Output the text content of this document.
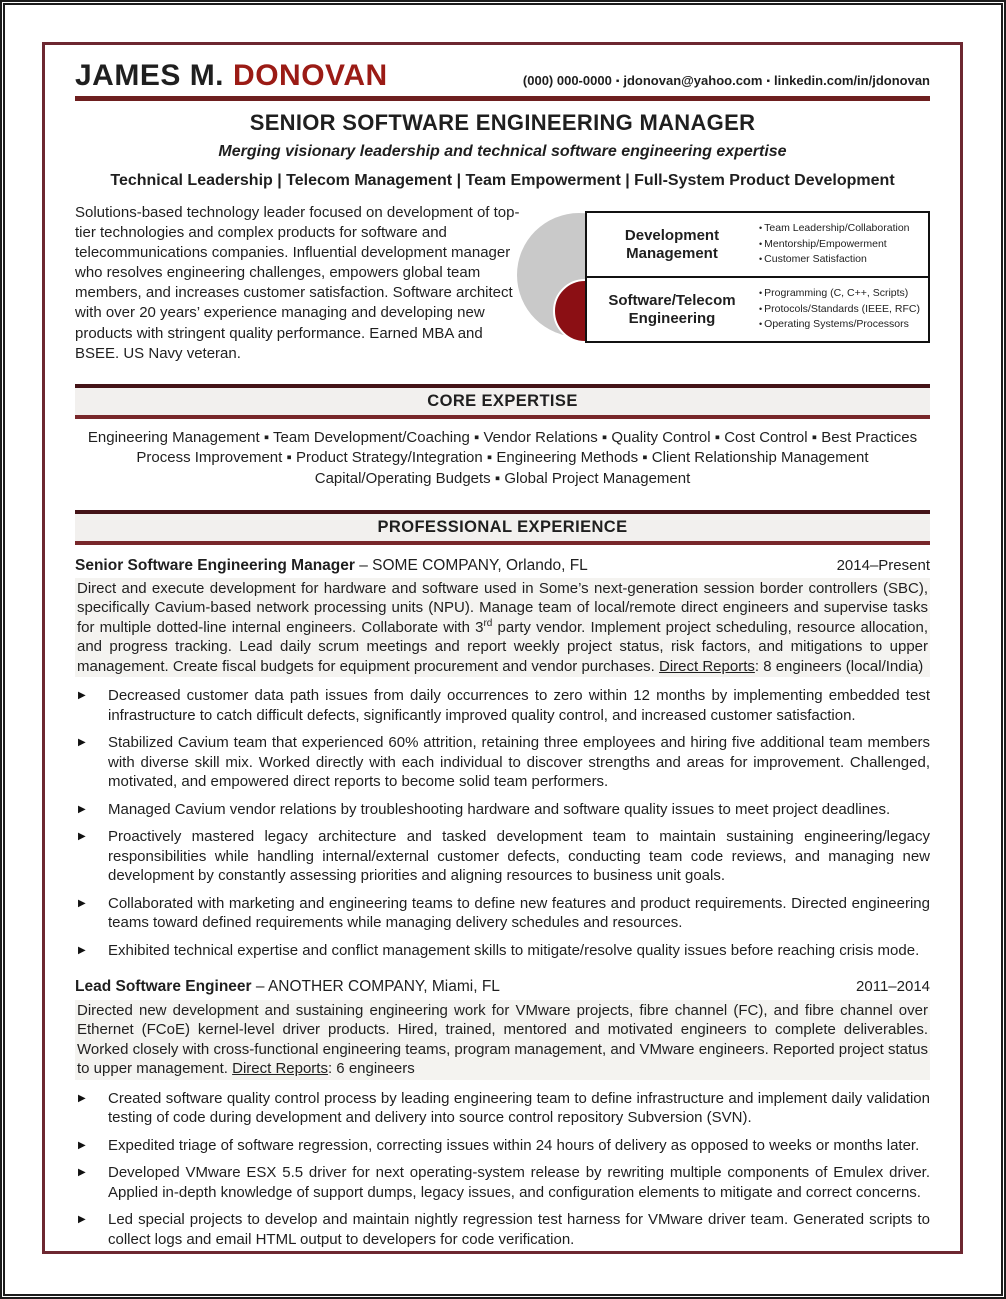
JAMES M. DONOVAN	(000) 000-0000 ▪ jdonovan@yahoo.com ▪ linkedin.com/in/jdonovan
SENIOR SOFTWARE ENGINEERING MANAGER
Merging visionary leadership and technical software engineering expertise
Technical Leadership | Telecom Management | Team Empowerment | Full-System Product Development
Solutions-based technology leader focused on development of top-tier technologies and complex products for software and telecommunications companies. Influential development manager who resolves engineering challenges, empowers global team members, and increases customer satisfaction. Software architect with over 20 years’ experience managing and developing new products with stringent quality performance. Earned MBA and BSEE. US Navy veteran.
Development Management
• Team Leadership/Collaboration
• Mentorship/Empowerment
• Customer Satisfaction
Software/Telecom Engineering
• Programming (C, C++, Scripts)
• Protocols/Standards (IEEE, RFC)
• Operating Systems/Processors
CORE EXPERTISE
Engineering Management ▪ Team Development/Coaching ▪ Vendor Relations ▪ Quality Control ▪ Cost Control ▪ Best Practices
Process Improvement ▪ Product Strategy/Integration ▪ Engineering Methods ▪ Client Relationship Management
Capital/Operating Budgets ▪ Global Project Management
PROFESSIONAL EXPERIENCE
Senior Software Engineering Manager – SOME COMPANY, Orlando, FL	2014–Present

Direct and execute development for hardware and software used in Some’s next-generation session border controllers (SBC), specifically Cavium-based network processing units (NPU). Manage team of local/remote direct engineers and supervise tasks for multiple dotted-line internal engineers. Collaborate with 3rd party vendor. Implement project scheduling, resource allocation, and progress tracking. Lead daily scrum meetings and report weekly project status, risk factors, and mitigations to upper management. Create fiscal budgets for equipment procurement and vendor purchases. Direct Reports: 8 engineers (local/India)

▶	Decreased customer data path issues from daily occurrences to zero within 12 months by implementing embedded test infrastructure to catch difficult defects, significantly improved quality control, and increased customer satisfaction.
▶	Stabilized Cavium team that experienced 60% attrition, retaining three employees and hiring five additional team members with diverse skill mix. Worked directly with each individual to discover strengths and areas for improvement. Challenged, motivated, and empowered direct reports to become solid team performers.
▶	Managed Cavium vendor relations by troubleshooting hardware and software quality issues to meet project deadlines.
▶	Proactively mastered legacy architecture and tasked development team to maintain sustaining engineering/legacy responsibilities while handling internal/external customer defects, conducting team code reviews, and managing new development by constantly assessing priorities and aligning resources to business unit goals.
▶	Collaborated with marketing and engineering teams to define new features and product requirements. Directed engineering teams toward defined requirements while managing delivery schedules and resources.
▶	Exhibited technical expertise and conflict management skills to mitigate/resolve quality issues before reaching crisis mode.
Lead Software Engineer – ANOTHER COMPANY, Miami, FL	2011–2014

Directed new development and sustaining engineering work for VMware projects, fibre channel (FC), and fibre channel over Ethernet (FCoE) kernel-level driver products. Hired, trained, mentored and motivated engineers to complete deliverables. Worked closely with cross-functional engineering teams, program management, and VMware engineers. Reported project status to upper management. Direct Reports: 6 engineers

▶	Created software quality control process by leading engineering team to define infrastructure and implement daily validation testing of code during development and delivery into source control repository Subversion (SVN).
▶	Expedited triage of software regression, correcting issues within 24 hours of delivery as opposed to weeks or months later.
▶	Developed VMware ESX 5.5 driver for next operating-system release by rewriting multiple components of Emulex driver. Applied in-depth knowledge of support dumps, legacy issues, and configuration elements to mitigate and correct concerns.
▶	Led special projects to develop and maintain nightly regression test harness for VMware driver team. Generated scripts to collect logs and email HTML output to developers for code verification.
